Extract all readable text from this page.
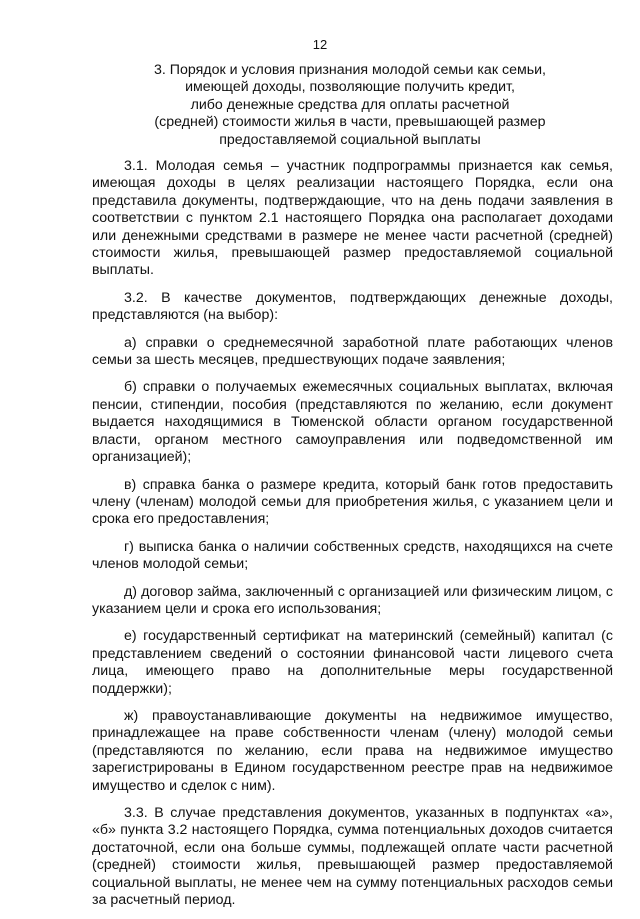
12
3. Порядок и условия признания молодой семьи как семьи,
имеющей доходы, позволяющие получить кредит,
либо денежные средства для оплаты расчетной
(средней) стоимости жилья в части, превышающей размер
предоставляемой социальной выплаты

3.1. Молодая семья – участник подпрограммы признается как семья, имеющая доходы в целях реализации настоящего Порядка, если она представила документы, подтверждающие, что на день подачи заявления в соответствии с пунктом 2.1 настоящего Порядка она располагает доходами или денежными средствами в размере не менее части расчетной (средней) стоимости жилья, превышающей размер предоставляемой социальной выплаты.

3.2. В качестве документов, подтверждающих денежные доходы, представляются (на выбор):

а) справки о среднемесячной заработной плате работающих членов семьи за шесть месяцев, предшествующих подаче заявления;

б) справки о получаемых ежемесячных социальных выплатах, включая пенсии, стипендии, пособия (представляются по желанию, если документ выдается находящимися в Тюменской области органом государственной власти, органом местного самоуправления или подведомственной им организацией);

в) справка банка о размере кредита, который банк готов предоставить члену (членам) молодой семьи для приобретения жилья, с указанием цели и срока его предоставления;

г) выписка банка о наличии собственных средств, находящихся на счете членов молодой семьи;

д) договор займа, заключенный с организацией или физическим лицом, с указанием цели и срока его использования;

е) государственный сертификат на материнский (семейный) капитал (с представлением сведений о состоянии финансовой части лицевого счета лица, имеющего право на дополнительные меры государственной поддержки);

ж) правоустанавливающие документы на недвижимое имущество, принадлежащее на праве собственности членам (члену) молодой семьи (представляются по желанию, если права на недвижимое имущество зарегистрированы в Едином государственном реестре прав на недвижимое имущество и сделок с ним).

3.3. В случае представления документов, указанных в подпунктах «а», «б» пункта 3.2 настоящего Порядка, сумма потенциальных доходов считается достаточной, если она больше суммы, подлежащей оплате части расчетной (средней) стоимости жилья, превышающей размер предоставляемой социальной выплаты, не менее чем на сумму потенциальных расходов семьи за расчетный период.
